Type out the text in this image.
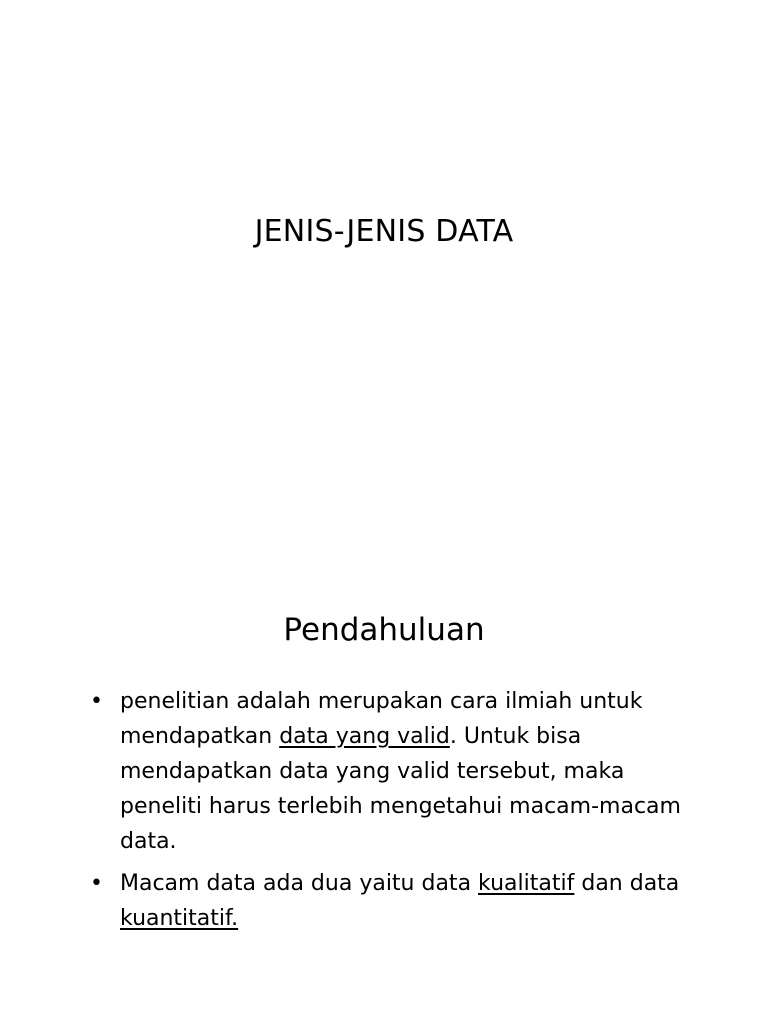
JENIS-JENIS DATA
Pendahuluan
• penelitian adalah merupakan cara ilmiah untuk mendapatkan data yang valid. Untuk bisa mendapatkan data yang valid tersebut, maka peneliti harus terlebih mengetahui macam-macam data.
• Macam data ada dua yaitu data kualitatif dan data kuantitatif.
